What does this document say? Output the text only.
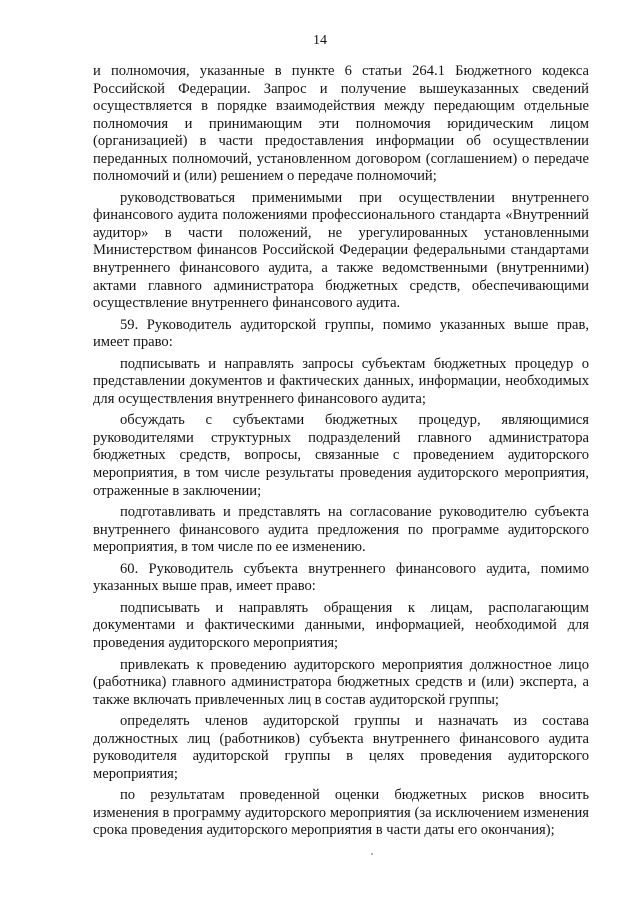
14

и полномочия, указанные в пункте 6 статьи 264.1 Бюджетного кодекса Российской Федерации. Запрос и получение вышеуказанных сведений осуществляется в порядке взаимодействия между передающим отдельные полномочия и принимающим эти полномочия юридическим лицом (организацией) в части предоставления информации об осуществлении переданных полномочий, установленном договором (соглашением) о передаче полномочий и (или) решением о передаче полномочий;

руководствоваться применимыми при осуществлении внутреннего финансового аудита положениями профессионального стандарта «Внутренний аудитор» в части положений, не урегулированных установленными Министерством финансов Российской Федерации федеральными стандартами внутреннего финансового аудита, а также ведомственными (внутренними) актами главного администратора бюджетных средств, обеспечивающими осуществление внутреннего финансового аудита.

59. Руководитель аудиторской группы, помимо указанных выше прав, имеет право:

подписывать и направлять запросы субъектам бюджетных процедур о представлении документов и фактических данных, информации, необходимых для осуществления внутреннего финансового аудита;

обсуждать с субъектами бюджетных процедур, являющимися руководителями структурных подразделений главного администратора бюджетных средств, вопросы, связанные с проведением аудиторского мероприятия, в том числе результаты проведения аудиторского мероприятия, отраженные в заключении;

подготавливать и представлять на согласование руководителю субъекта внутреннего финансового аудита предложения по программе аудиторского мероприятия, в том числе по ее изменению.

60. Руководитель субъекта внутреннего финансового аудита, помимо указанных выше прав, имеет право:

подписывать и направлять обращения к лицам, располагающим документами и фактическими данными, информацией, необходимой для проведения аудиторского мероприятия;

привлекать к проведению аудиторского мероприятия должностное лицо (работника) главного администратора бюджетных средств и (или) эксперта, а также включать привлеченных лиц в состав аудиторской группы;

определять членов аудиторской группы и назначать из состава должностных лиц (работников) субъекта внутреннего финансового аудита руководителя аудиторской группы в целях проведения аудиторского мероприятия;

по результатам проведенной оценки бюджетных рисков вносить изменения в программу аудиторского мероприятия (за исключением изменения срока проведения аудиторского мероприятия в части даты его окончания);
